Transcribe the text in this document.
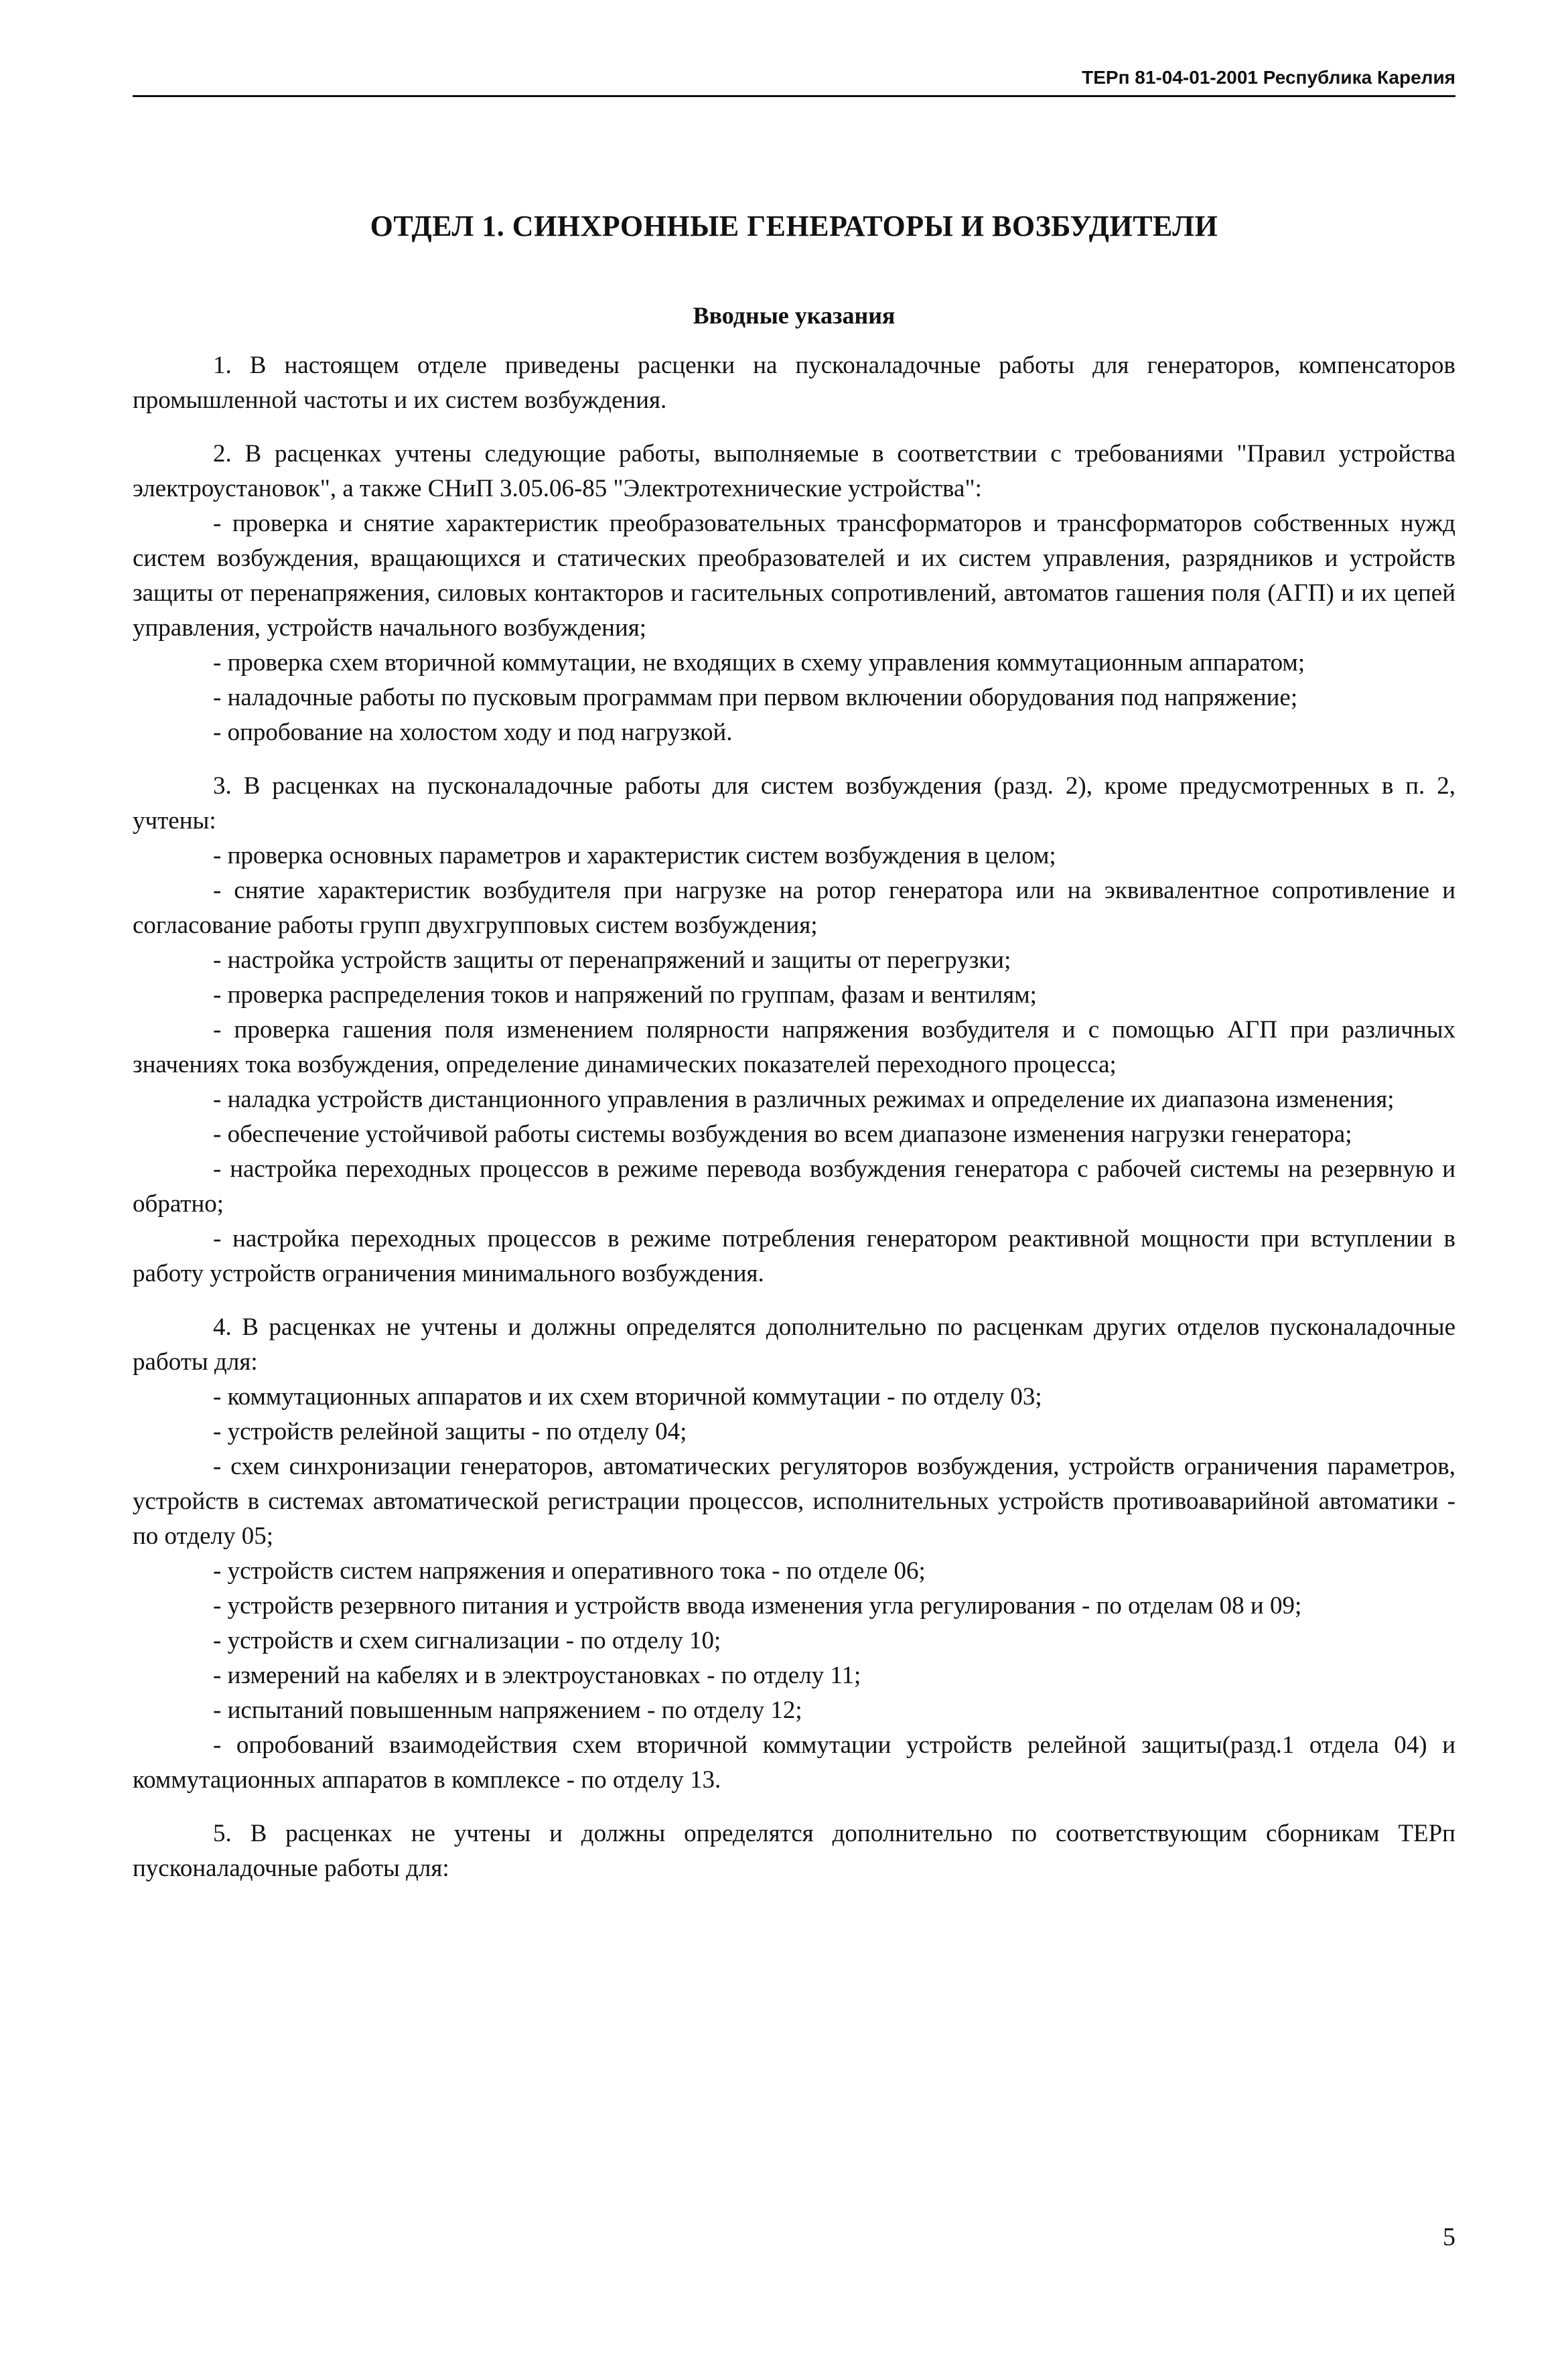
ТЕРп 81-04-01-2001 Республика Карелия
ОТДЕЛ 1. СИНХРОННЫЕ ГЕНЕРАТОРЫ И ВОЗБУДИТЕЛИ
Вводные указания

1. В настоящем отделе приведены расценки на пусконаладочные работы для генераторов, компенсаторов промышленной частоты и их систем возбуждения.

2. В расценках учтены следующие работы, выполняемые в соответствии с требованиями "Правил устройства электроустановок", а также СНиП 3.05.06-85 "Электротехнические устройства":

- проверка и снятие характеристик преобразовательных трансформаторов и трансформаторов собственных нужд систем возбуждения, вращающихся и статических преобразователей и их систем управления, разрядников и устройств защиты от перенапряжения, силовых контакторов и гасительных сопротивлений, автоматов гашения поля (АГП) и их цепей управления, устройств начального возбуждения;

- проверка схем вторичной коммутации, не входящих в схему управления коммутационным аппаратом;

- наладочные работы по пусковым программам при первом включении оборудования под напряжение;

- опробование на холостом ходу и под нагрузкой.

3. В расценках на пусконаладочные работы для систем возбуждения (разд. 2), кроме предусмотренных в п. 2, учтены:

- проверка основных параметров и характеристик систем возбуждения в целом;

- снятие характеристик возбудителя при нагрузке на ротор генератора или на эквивалентное сопротивление и согласование работы групп двухгрупповых систем возбуждения;

- настройка устройств защиты от перенапряжений и защиты от перегрузки;

- проверка распределения токов и напряжений по группам, фазам и вентилям;

- проверка гашения поля изменением полярности напряжения возбудителя и с помощью АГП при различных значениях тока возбуждения, определение динамических показателей переходного процесса;

- наладка устройств дистанционного управления в различных режимах и определение их диапазона изменения;

- обеспечение устойчивой работы системы возбуждения во всем диапазоне изменения нагрузки генератора;

- настройка переходных процессов в режиме перевода возбуждения генератора с рабочей системы на резервную и обратно;

- настройка переходных процессов в режиме потребления генератором реактивной мощности при вступлении в работу устройств ограничения минимального возбуждения.

4. В расценках не учтены и должны определятся дополнительно по расценкам других отделов пусконаладочные работы для:

- коммутационных аппаратов и их схем вторичной коммутации - по отделу 03;

- устройств релейной защиты - по отделу 04;

- схем синхронизации генераторов, автоматических регуляторов возбуждения, устройств ограничения параметров, устройств в системах автоматической регистрации процессов, исполнительных устройств противоаварийной автоматики - по отделу 05;

- устройств систем напряжения и оперативного тока - по отделе 06;

- устройств резервного питания и устройств ввода изменения угла регулирования - по отделам 08 и 09;

- устройств и схем сигнализации - по отделу 10;

- измерений на кабелях и в электроустановках - по отделу 11;

- испытаний повышенным напряжением - по отделу 12;

- опробований взаимодействия схем вторичной коммутации устройств релейной защиты(разд.1 отдела 04) и коммутационных аппаратов в комплексе - по отделу 13.

5. В расценках не учтены и должны определятся дополнительно по соответствующим сборникам ТЕРп пусконаладочные работы для:

5
